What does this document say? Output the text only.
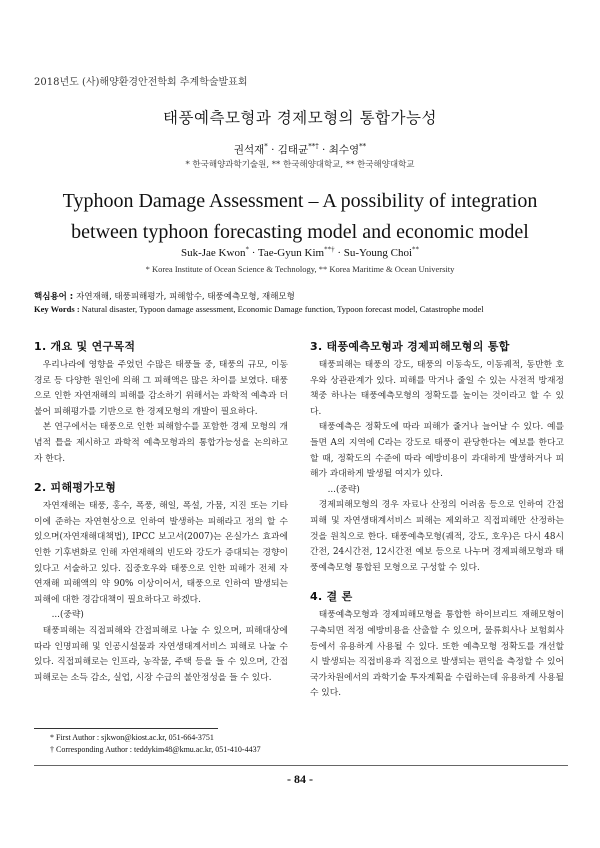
2018년도 (사)해양환경안전학회 추계학술발표회
태풍예측모형과 경제모형의 통합가능성
권석재* · 김태균**† · 최수영**
* 한국해양과학기술원, ** 한국해양대학교, ** 한국해양대학교
Typhoon Damage Assessment – A possibility of integration
between typhoon forecasting model and economic model
Suk-Jae Kwon* · Tae-Gyun Kim**† · Su-Young Choi**
* Korea Institute of Ocean Science & Technology, ** Korea Maritime & Ocean University
핵심용어 : 자연재해, 태풍피해평가, 피해함수, 태풍예측모형, 재해모형
Key Words : Natural disaster, Typoon damage assessment, Economic Damage function, Typoon forecast model, Catastrophe model
1. 개요 및 연구목적

우리나라에 영향을 주었던 수많은 태풍들 중, 태풍의 규모, 이동경로 등 다양한 원인에 의해 그 피해액은 많은 차이를 보였다. 태풍으로 인한 자연재해의 피해를 감소하기 위해서는 과학적 예측과 더불어 피해평가를 기반으로 한 경제모형의 개발이 필요하다.

본 연구에서는 태풍으로 인한 피해함수를 포함한 경제 모형의 개념적 틀을 제시하고 과학적 예측모형과의 통합가능성을 논의하고자 한다.

2. 피해평가모형

자연재해는 태풍, 홍수, 폭풍, 해일, 폭설, 가뭄, 지진 또는 기타 이에 준하는 자연현상으로 인하여 발생하는 피해라고 정의 할 수 있으며(자연재해대책법), IPCC 보고서(2007)는 온실가스 효과에 인한 기후변화로 인해 자연재해의 빈도와 강도가 증대되는 경향이 있다고 서술하고 있다. 집중호우와 태풍으로 인한 피해가 전체 자연재해 피해액의 약 90% 이상이어서, 태풍으로 인하여 발생되는 피해에 대한 경감대책이 필요하다고 하겠다.

...(중략)

태풍피해는 직접피해와 간접피해로 나눌 수 있으며, 피해대상에 따라 인명피해 및 인공시설물과 자연생태계서비스 피해로 나눌 수 있다. 직접피해로는 인프라, 농작물, 주택 등을 들 수 있으며, 간접피해로는 소득 감소, 실업, 시장 수급의 불안정성을 들 수 있다.

3. 태풍예측모형과 경제피해모형의 통합

태풍피해는 태풍의 강도, 태풍의 이동속도, 이동궤적, 동반한 호우와 상관관계가 있다. 피해를 막거나 줄일 수 있는 사전적 방재정책중 하나는 태풍예측모형의 정확도를 높이는 것이라고 할 수 있다.

태풍예측은 정확도에 따라 피해가 줄거나 늘어날 수 있다. 예를 들면 A의 지역에 C라는 강도로 태풍이 관당한다는 예보를 한다고 할 때, 정확도의 수준에 따라 예방비용이 과대하게 발생하거나 피해가 과대하게 발생될 여지가 있다.

...(중략)

경제피해모형의 경우 자료나 산정의 어려움 등으로 인하여 간접피해 및 자연생태계서비스 피해는 제외하고 직접피해만 산정하는 것을 원칙으로 한다. 태풍예측모형(궤적, 강도, 호우)은 다시 48시간전, 24시간전, 12시간전 예보 등으로 나누며 경제피해모형과 태풍예측모형 통합된 모형으로 구성할 수 있다.

4. 결 론

태풍예측모형과 경제피해모형을 통합한 하이브리드 재해모형이 구축되면 적정 예방비용을 산출할 수 있으며, 물류회사나 보험회사 등에서 유용하게 사용될 수 있다. 또한 예측모형 정확도를 개선할 시 발생되는 직접비용과 직접으로 발생되는 편익을 측정할 수 있어 국가차원에서의 과학기술 투자계획을 수립하는데 유용하게 사용될 수 있다.

* First Author : sjkwon@kiost.ac.kr, 051-664-3751
† Corresponding Author : teddykim48@kmu.ac.kr, 051-410-4437
- 84 -
